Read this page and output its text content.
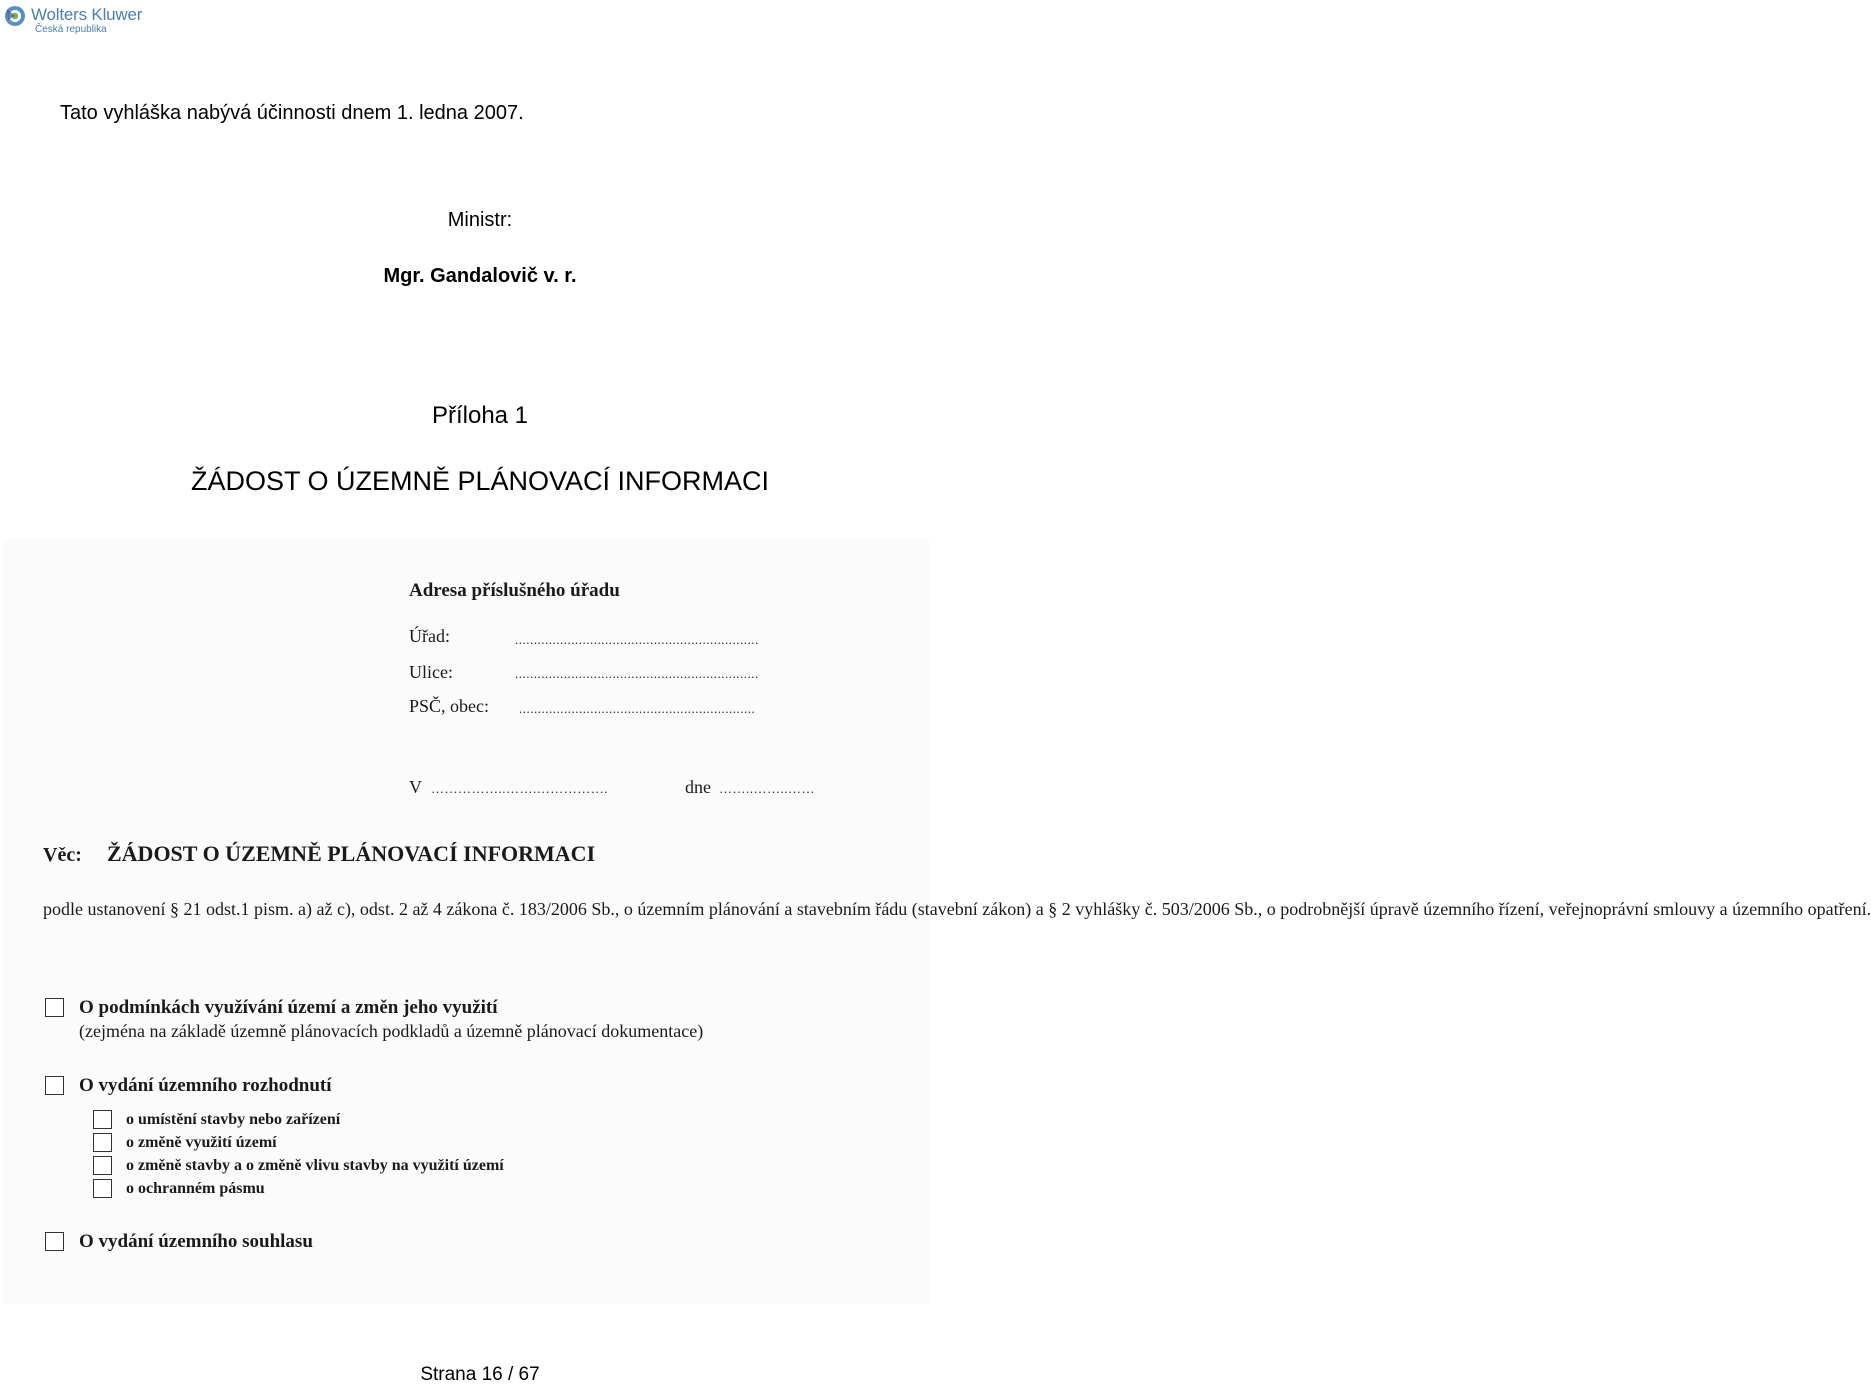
Wolters Kluwer
Česká republika
Tato vyhláška nabývá účinnosti dnem 1. ledna 2007.
Ministr:
Mgr. Gandalovič v. r.
Příloha 1
ŽÁDOST O ÚZEMNĚ PLÁNOVACÍ INFORMACI
Adresa příslušného úřadu
Úřad:	.................................................................
Ulice:	.................................................................
PSČ, obec: ...............................................................
V ……………..…….…………….	dne ……..……..……
Věc: ŽÁDOST O ÚZEMNĚ PLÁNOVACÍ INFORMACI
podle ustanovení § 21 odst.1 pism. a) až c), odst. 2 až 4 zákona č. 183/2006 Sb., o územním plánování a stavebním řádu (stavební zákon) a § 2 vyhlášky č. 503/2006 Sb., o podrobnější úpravě územního řízení, veřejnoprávní smlouvy a územního opatření.
O podmínkách využívání území a změn jeho využití
(zejména na základě územně plánovacích podkladů a územně plánovací dokumentace)
O vydání územního rozhodnutí
o umístění stavby nebo zařízení
o změně využití území
o změně stavby a o změně vlivu stavby na využití území
o ochranném pásmu
O vydání územního souhlasu
Strana 16 / 67
